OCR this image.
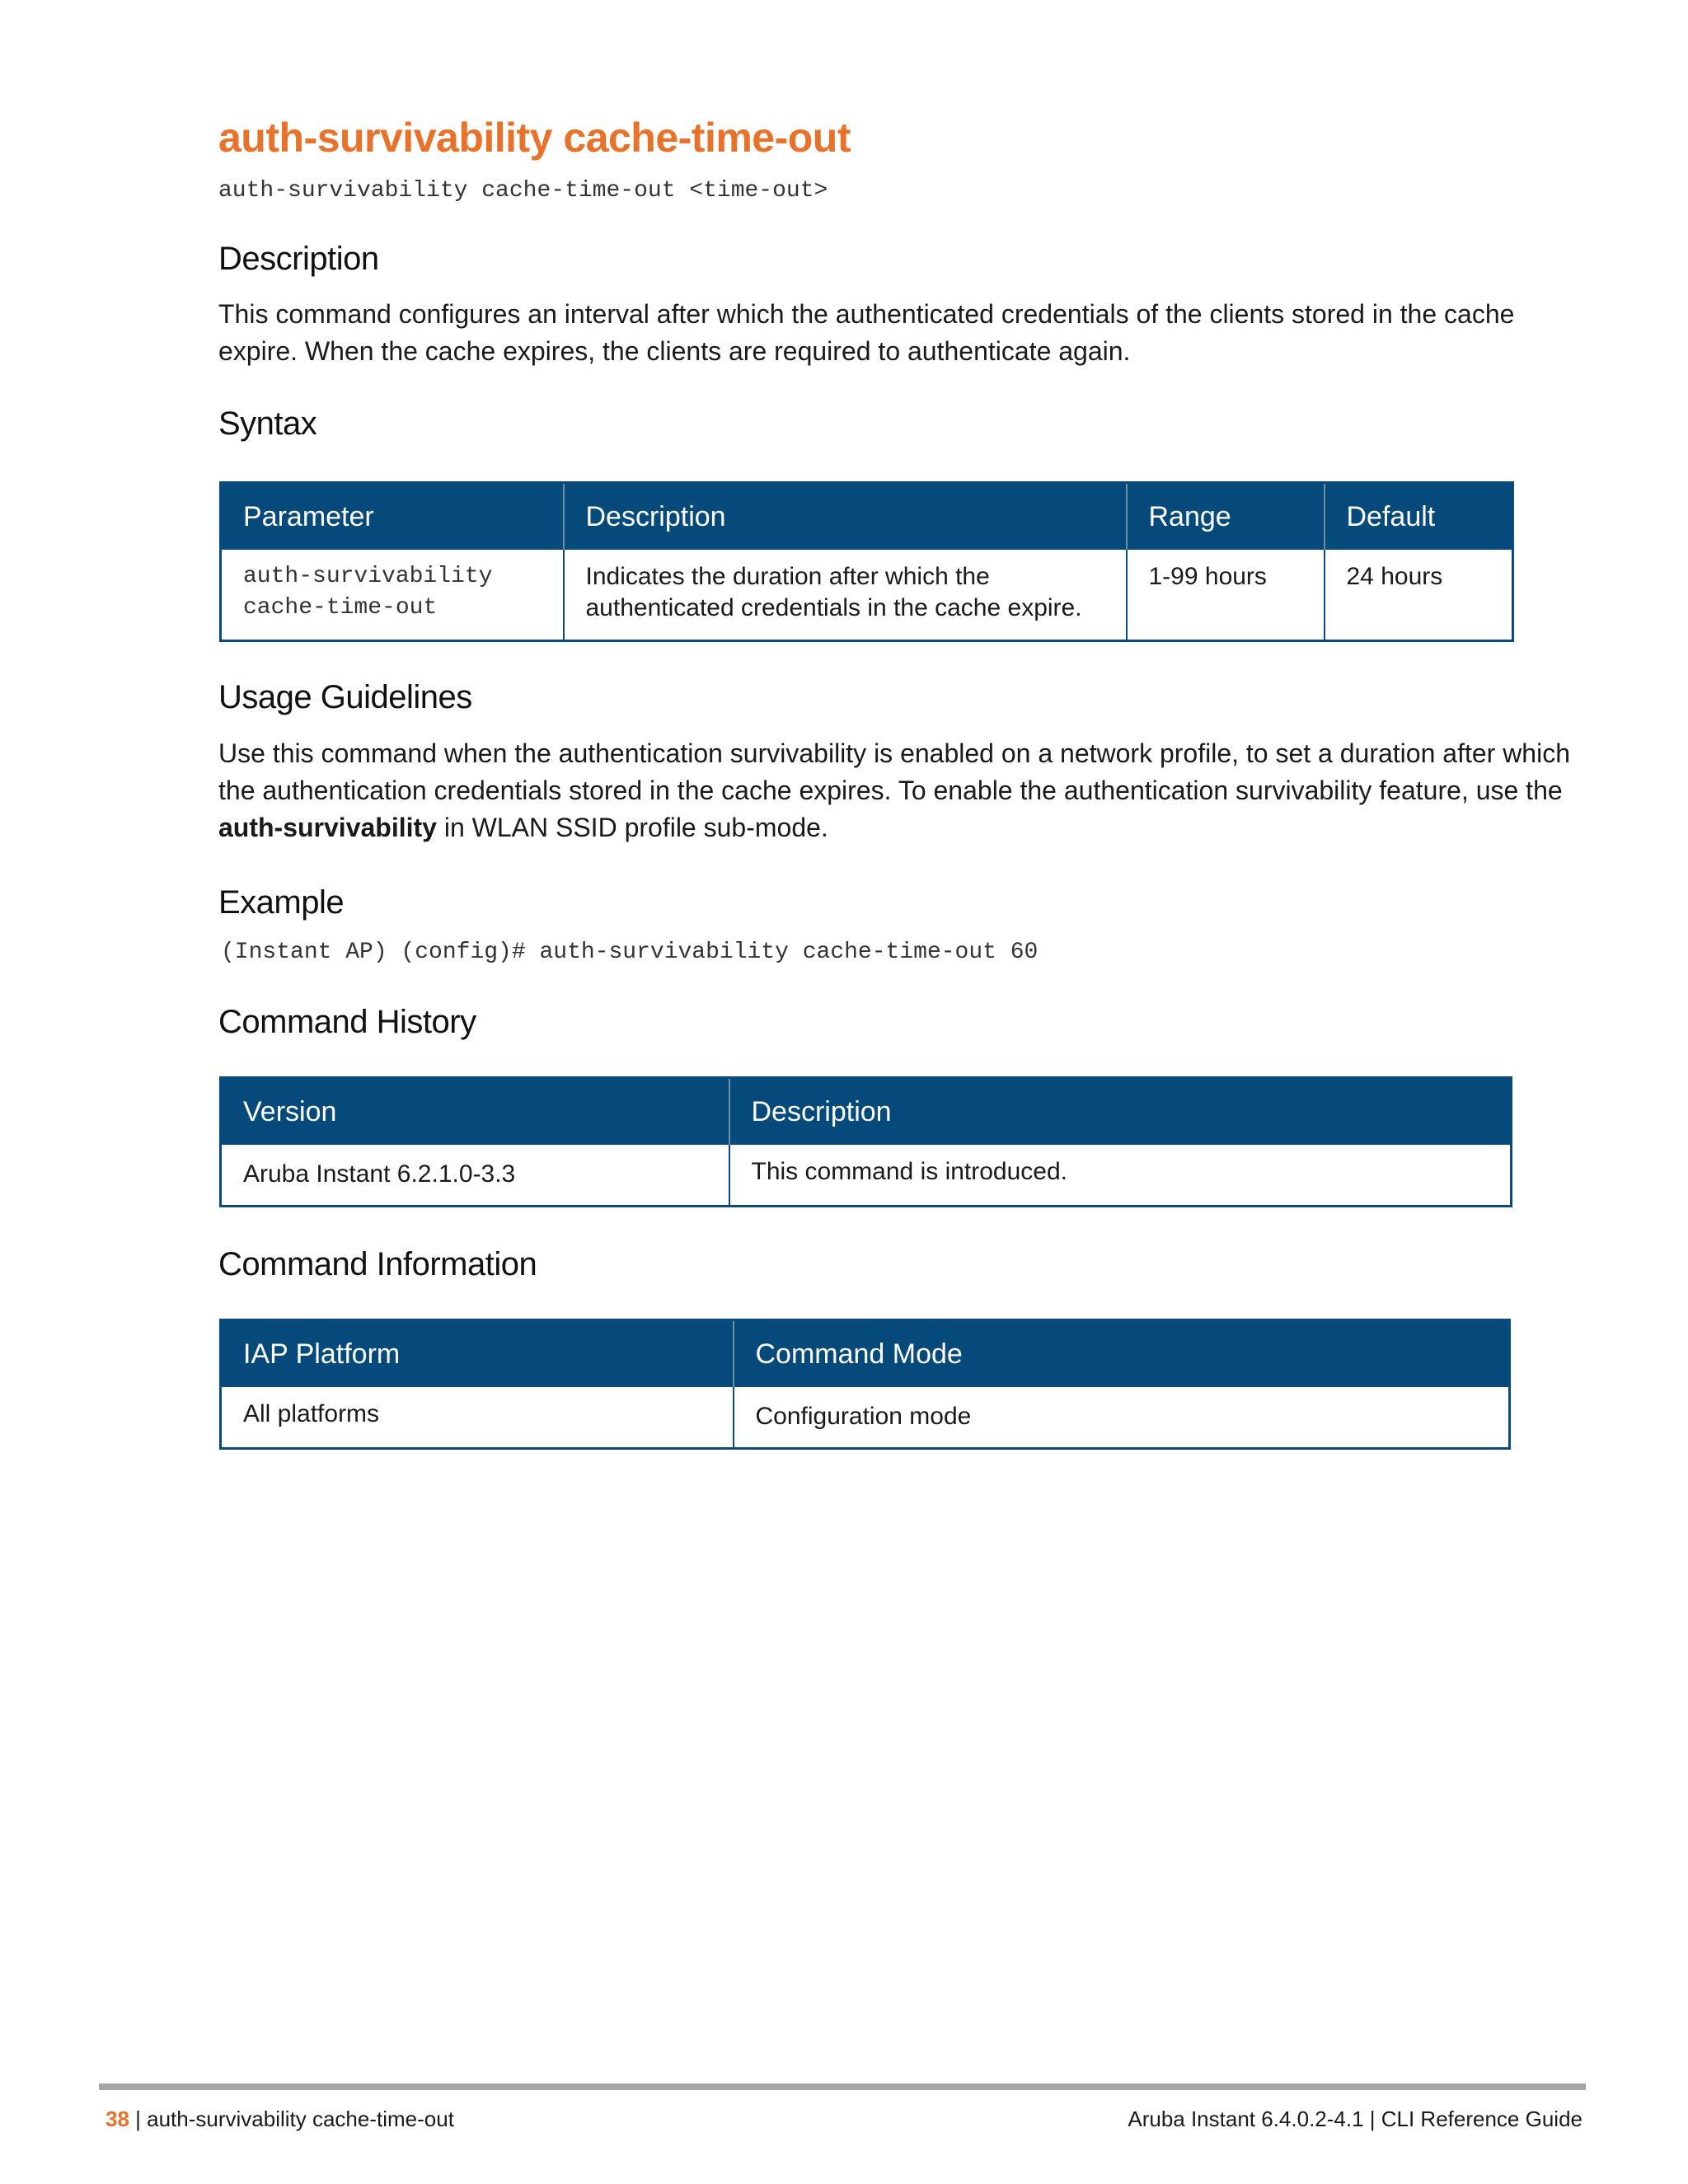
auth-survivability cache-time-out
auth-survivability cache-time-out <time-out>
Description

This command configures an interval after which the authenticated credentials of the clients stored in the cache expire. When the cache expires, the clients are required to authenticate again.

Syntax
Parameter	Description	Range	Default

auth-survivability
cache-time-out	Indicates the duration after which the authenticated credentials in the cache expire.	1-99 hours	24 hours
Usage Guidelines

Use this command when the authentication survivability is enabled on a network profile, to set a duration after which the authentication credentials stored in the cache expires. To enable the authentication survivability feature, use the auth-survivability in WLAN SSID profile sub-mode.

Example
(Instant AP) (config)# auth-survivability cache-time-out 60
Command History
Version	Description
Aruba Instant 6.2.1.0-3.3	This command is introduced.
Command Information
IAP Platform	Command Mode
All platforms	Configuration mode
38 | auth-survivability cache-time-out	Aruba Instant 6.4.0.2-4.1 | CLI Reference Guide
